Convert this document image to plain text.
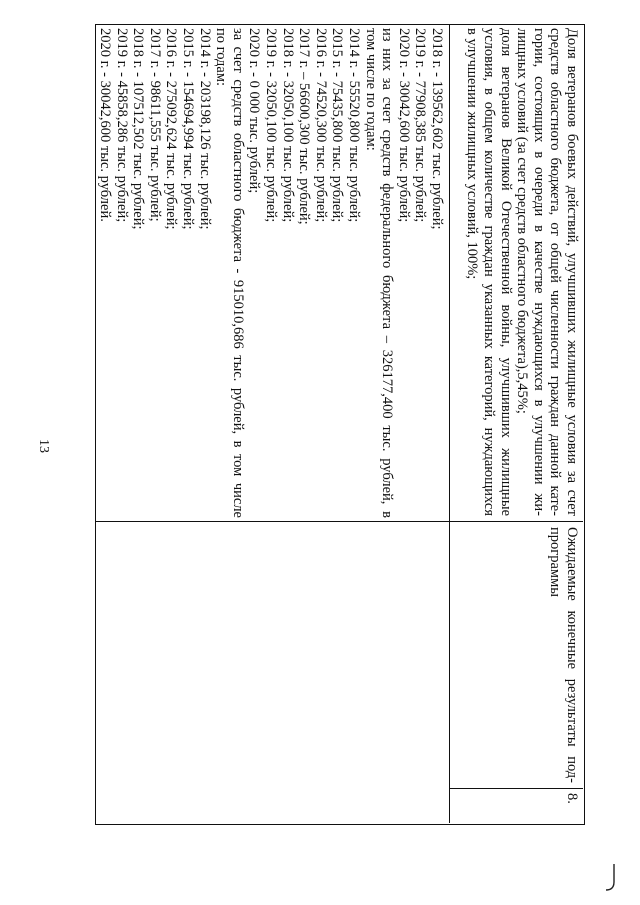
13
2018 г. - 139562,602 тыс. рублей;
2019 г. - 77908,385 тыс. рублей;
2020 г. - 30042,600 тыс. рублей;
из них за счет средств федерального бюджета – 326177,400 тыс. рублей, в
том числе по годам:
2014 г. - 55520,800 тыс. рублей;
2015 г. - 75435,800 тыс. рублей;
2016 г. - 74520,300 тыс. рублей;
2017 г. – 56600,300 тыс. рублей;
2018 г. - 32050,100 тыс. рублей;
2019 г. - 32050,100 тыс. рублей;
2020 г. - 0 000 тыс. рублей;
за счет средств областного бюджета - 915010,686 тыс. рублей, в том числе
по годам:
2014 г. - 203198,126 тыс. рублей;
2015 г. - 154694,994 тыс. рублей;
2016 г. - 275092,624 тыс. рублей;
2017 г. - 98611,555 тыс. рублей;
2018 г. - 107512,502 тыс. рублей;
2019 г. - 45858,286 тыс. рублей;
2020 г. - 30042,600 тыс. рублей.
8.
Ожидаемые конечные результаты под-
программы
Доля ветеранов боевых действий, улучшивших жилищные условия за счет
средств областного бюджета, от общей численности граждан данной кате-
гории, состоящих в очереди в качестве нуждающихся в улучшении жи-
лищных условий (за счет средств областного бюджета),5,45%;
доля ветеранов Великой Отечественной войны, улучшивших жилищные
условия, в общем количестве граждан указанных категорий, нуждающихся
в улучшении жилищных условий, 100%;
